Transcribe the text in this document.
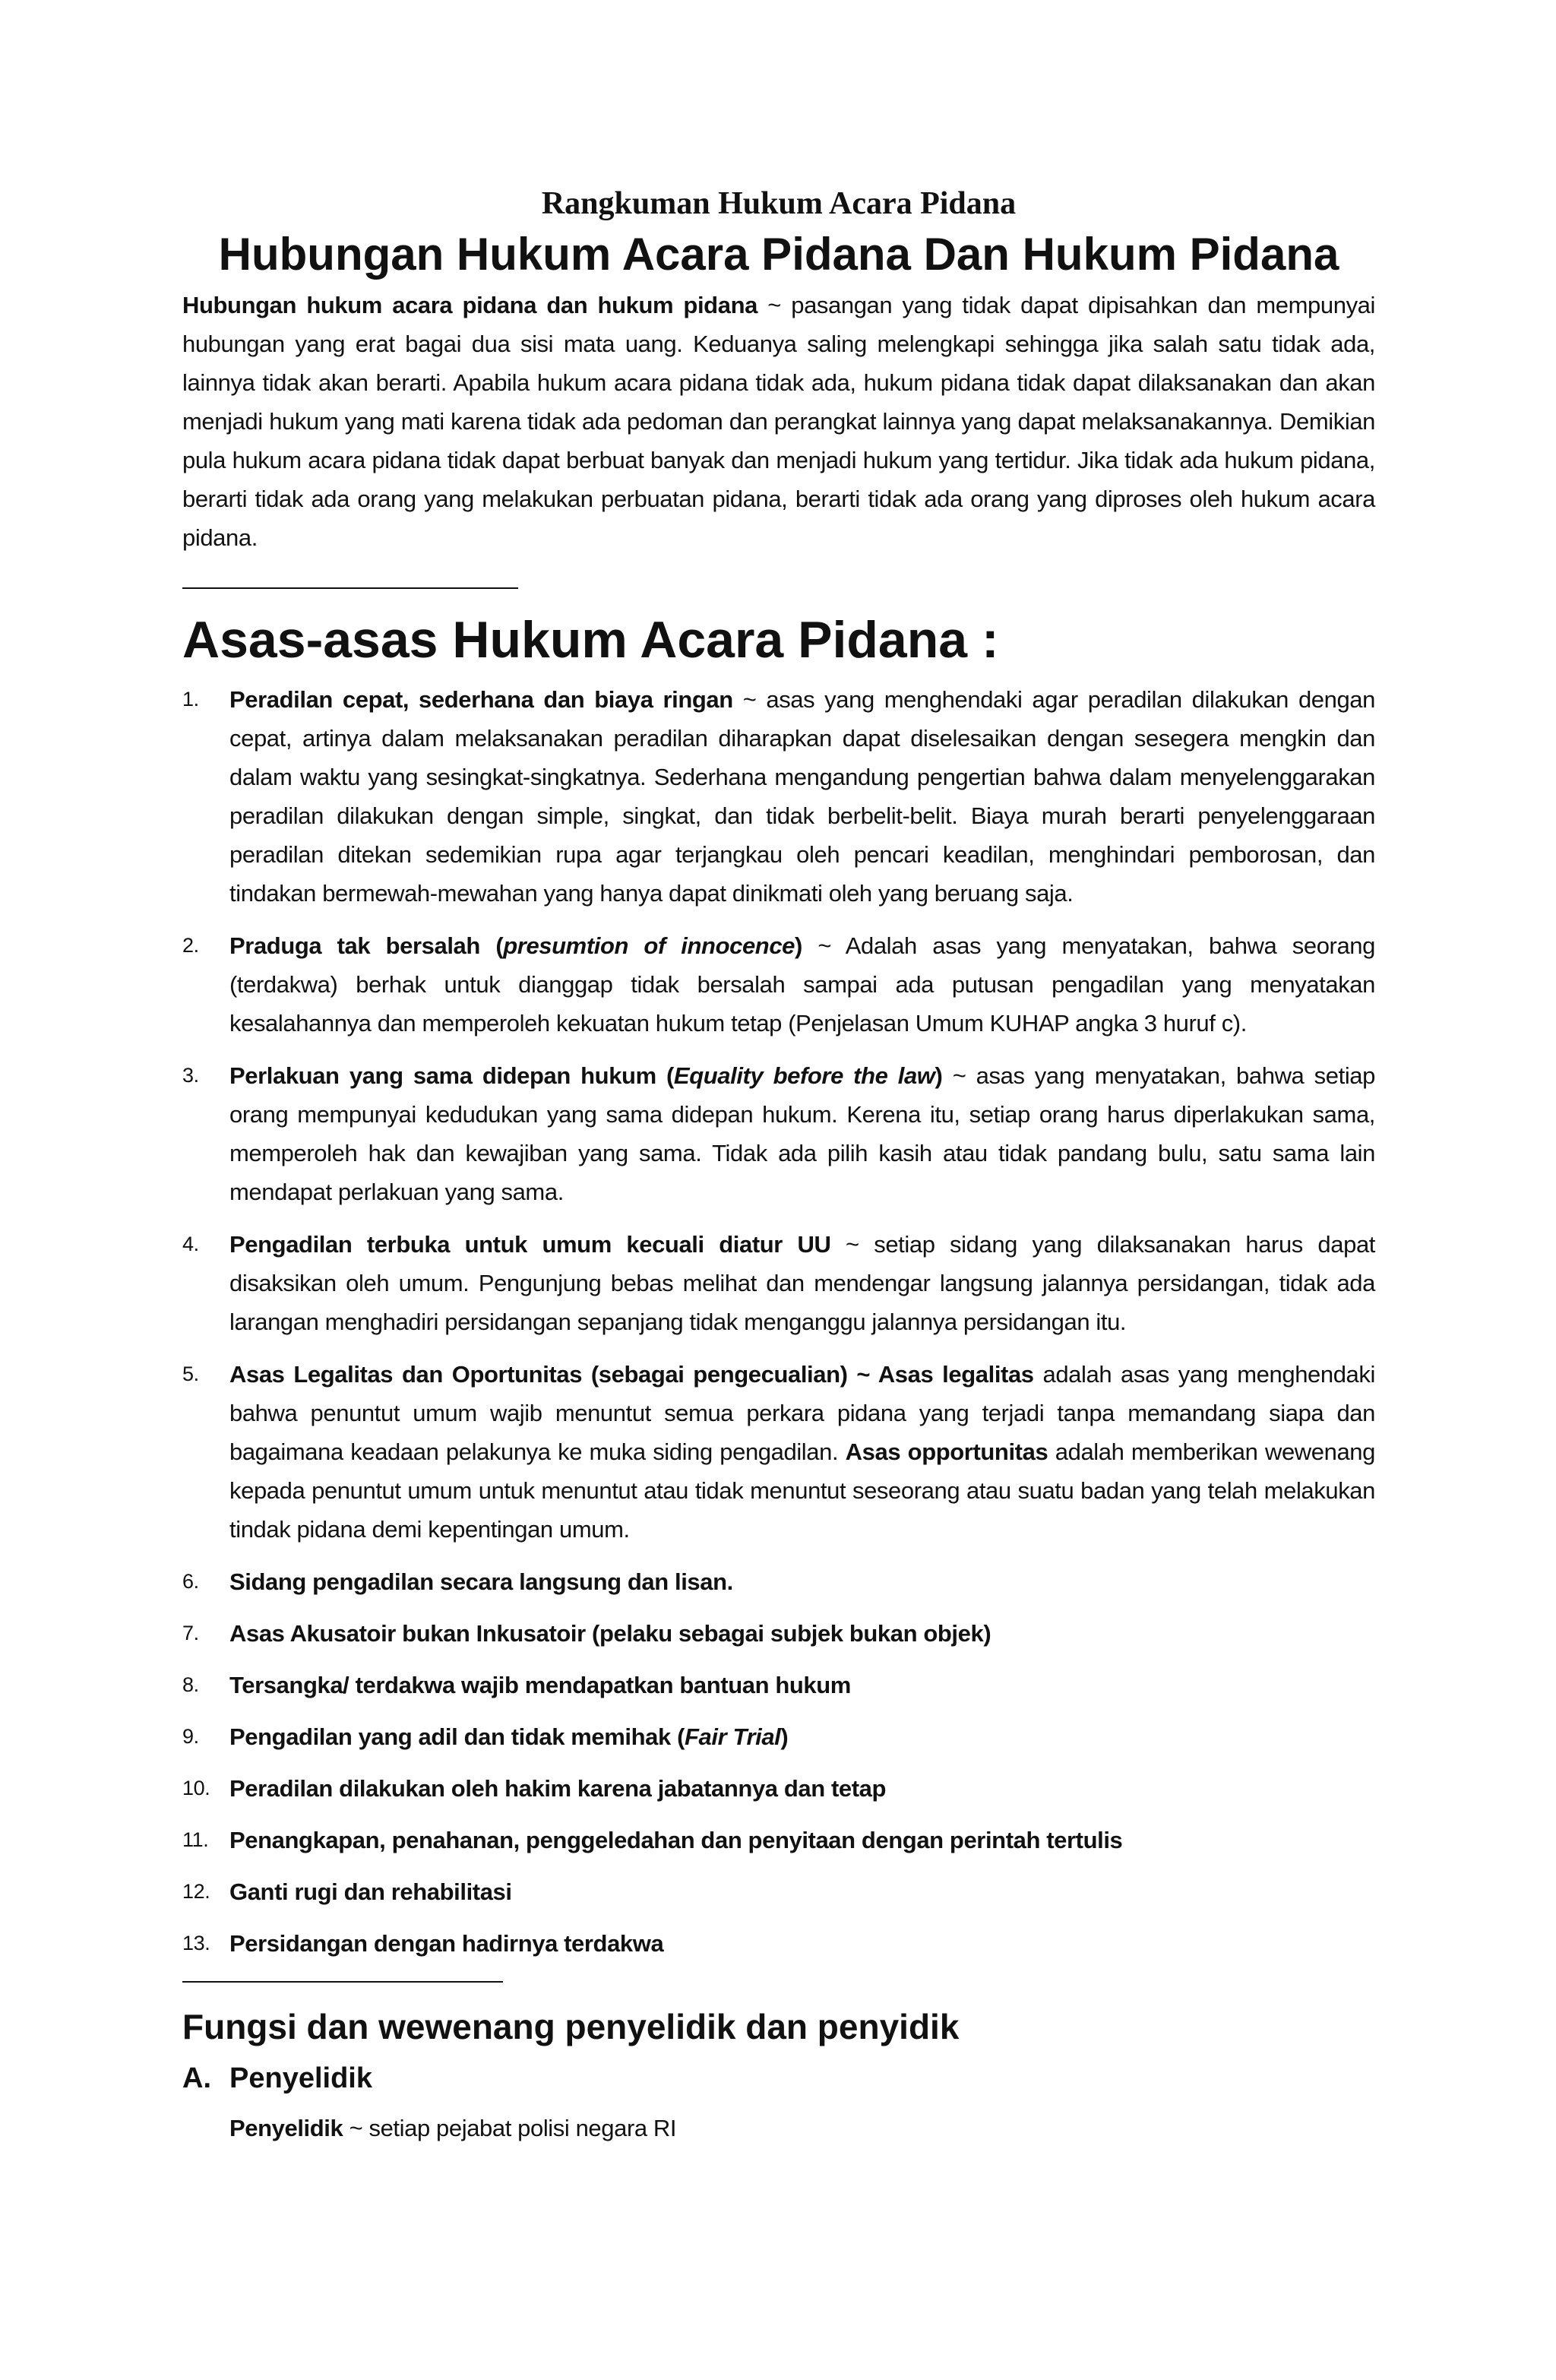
Rangkuman Hukum Acara Pidana
Hubungan Hukum Acara Pidana Dan Hukum Pidana

Hubungan hukum acara pidana dan hukum pidana ~ pasangan yang tidak dapat dipisahkan dan mempunyai hubungan yang erat bagai dua sisi mata uang. Keduanya saling melengkapi sehingga jika salah satu tidak ada, lainnya tidak akan berarti. Apabila hukum acara pidana tidak ada, hukum pidana tidak dapat dilaksanakan dan akan menjadi hukum yang mati karena tidak ada pedoman dan perangkat lainnya yang dapat melaksanakannya. Demikian pula hukum acara pidana tidak dapat berbuat banyak dan menjadi hukum yang tertidur. Jika tidak ada hukum pidana, berarti tidak ada orang yang melakukan perbuatan pidana, berarti tidak ada orang yang diproses oleh hukum acara pidana.

Asas-asas Hukum Acara Pidana :
1. Peradilan cepat, sederhana dan biaya ringan ~ asas yang menghendaki agar peradilan dilakukan dengan cepat, artinya dalam melaksanakan peradilan diharapkan dapat diselesaikan dengan sesegera mengkin dan dalam waktu yang sesingkat-singkatnya. Sederhana mengandung pengertian bahwa dalam menyelenggarakan peradilan dilakukan dengan simple, singkat, dan tidak berbelit-belit. Biaya murah berarti penyelenggaraan peradilan ditekan sedemikian rupa agar terjangkau oleh pencari keadilan, menghindari pemborosan, dan tindakan bermewah-mewahan yang hanya dapat dinikmati oleh yang beruang saja.
2. Praduga tak bersalah (presumtion of innocence) ~ Adalah asas yang menyatakan, bahwa seorang (terdakwa) berhak untuk dianggap tidak bersalah sampai ada putusan pengadilan yang menyatakan kesalahannya dan memperoleh kekuatan hukum tetap (Penjelasan Umum KUHAP angka 3 huruf c).
3. Perlakuan yang sama didepan hukum (Equality before the law) ~ asas yang menyatakan, bahwa setiap orang mempunyai kedudukan yang sama didepan hukum. Kerena itu, setiap orang harus diperlakukan sama, memperoleh hak dan kewajiban yang sama. Tidak ada pilih kasih atau tidak pandang bulu, satu sama lain mendapat perlakuan yang sama.
4. Pengadilan terbuka untuk umum kecuali diatur UU ~ setiap sidang yang dilaksanakan harus dapat disaksikan oleh umum. Pengunjung bebas melihat dan mendengar langsung jalannya persidangan, tidak ada larangan menghadiri persidangan sepanjang tidak menganggu jalannya persidangan itu.
5. Asas Legalitas dan Oportunitas (sebagai pengecualian) ~ Asas legalitas adalah asas yang menghendaki bahwa penuntut umum wajib menuntut semua perkara pidana yang terjadi tanpa memandang siapa dan bagaimana keadaan pelakunya ke muka siding pengadilan. Asas opportunitas adalah memberikan wewenang kepada penuntut umum untuk menuntut atau tidak menuntut seseorang atau suatu badan yang telah melakukan tindak pidana demi kepentingan umum.
6. Sidang pengadilan secara langsung dan lisan.
7. Asas Akusatoir bukan Inkusatoir (pelaku sebagai subjek bukan objek)
8. Tersangka/ terdakwa wajib mendapatkan bantuan hukum
9. Pengadilan yang adil dan tidak memihak (Fair Trial)
10. Peradilan dilakukan oleh hakim karena jabatannya dan tetap
11. Penangkapan, penahanan, penggeledahan dan penyitaan dengan perintah tertulis
12. Ganti rugi dan rehabilitasi
13. Persidangan dengan hadirnya terdakwa
Fungsi dan wewenang penyelidik dan penyidik
A. Penyelidik

Penyelidik ~ setiap pejabat polisi negara RI
